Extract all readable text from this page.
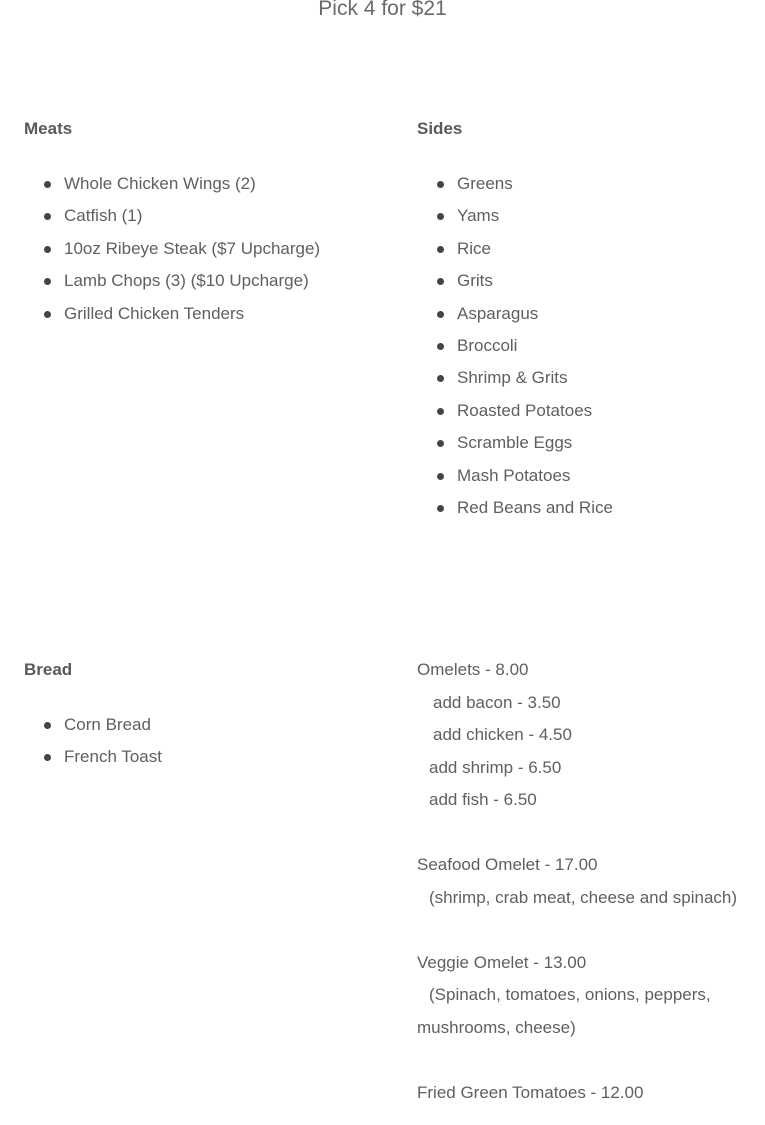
Pick 4 for $21

Meats

Whole Chicken Wings (2)
Catfish (1)
10oz Ribeye Steak ($7 Upcharge)
Lamb Chops (3) ($10 Upcharge)
Grilled Chicken Tenders

Sides

Greens
Yams
Rice
Grits
Asparagus
Broccoli
Shrimp & Grits
Roasted Potatoes
Scramble Eggs
Mash Potatoes
Red Beans and Rice

Bread

Corn Bread
French Toast
Omelets - 8.00
add bacon - 3.50
add chicken - 4.50
add shrimp - 6.50
add fish - 6.50
Seafood Omelet - 17.00
(shrimp, crab meat, cheese and spinach)
Veggie Omelet - 13.00
(Spinach, tomatoes, onions, peppers,
mushrooms, cheese)
Fried Green Tomatoes - 12.00
